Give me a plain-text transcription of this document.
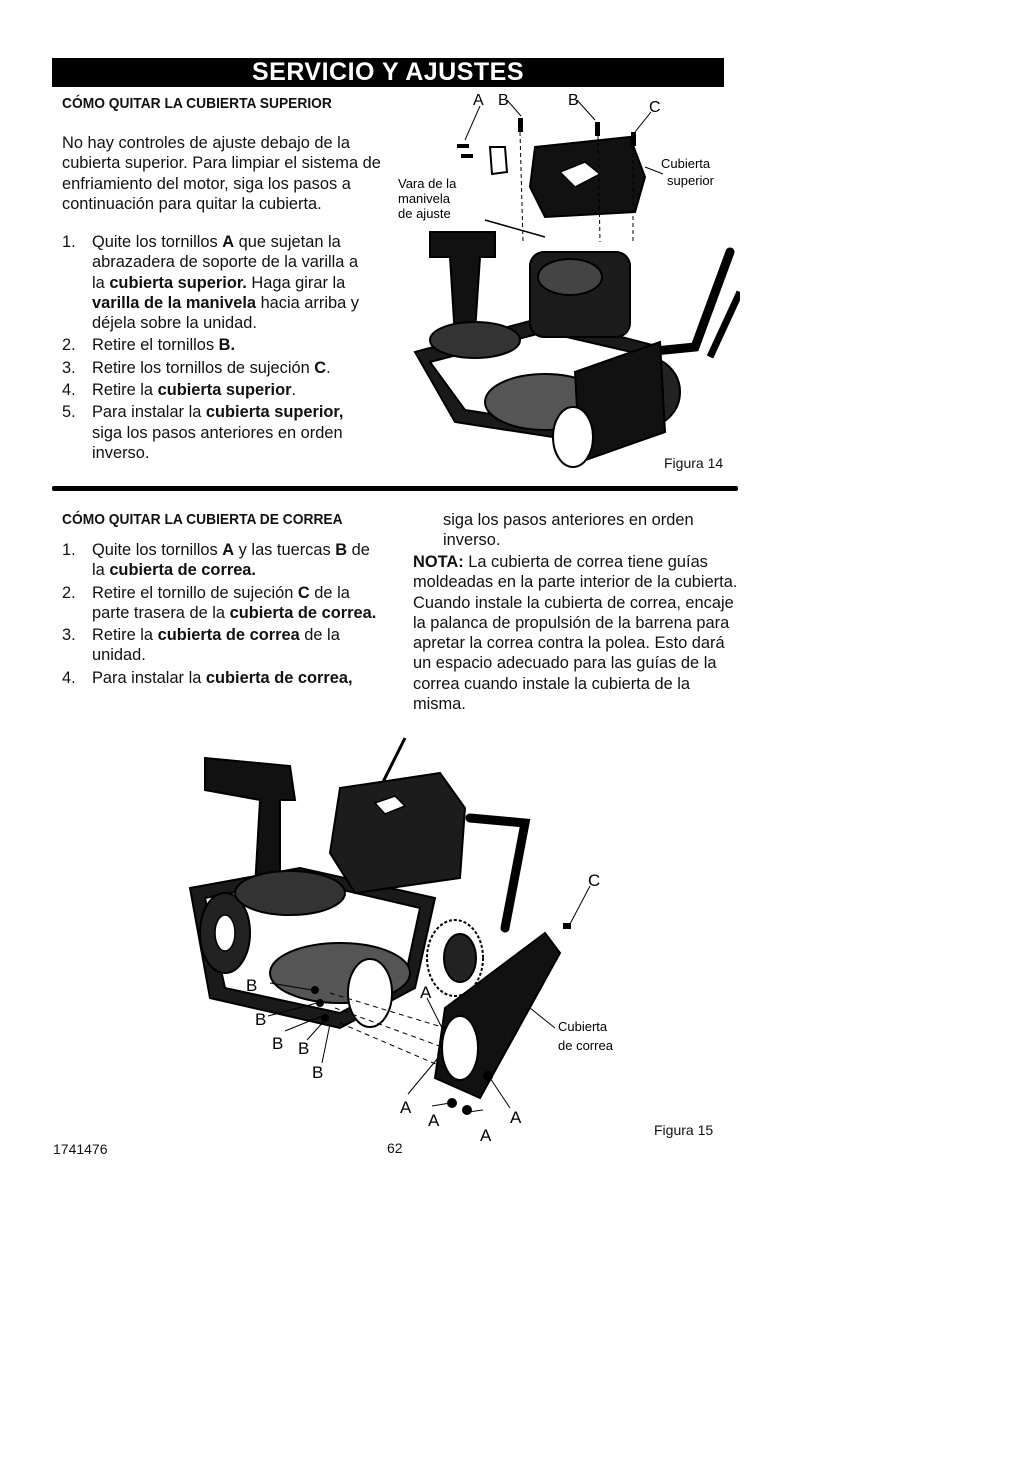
SERVICIO Y AJUSTES
CÓMO QUITAR LA CUBIERTA SUPERIOR

No hay controles de ajuste debajo de la cubierta superior. Para limpiar el sistema de enfriamiento del motor, siga los pasos a continuación para quitar la cubierta.

1. Quite los tornillos A que sujetan la abrazadera de soporte de la varilla a la cubierta superior. Haga girar la varilla de la manivela hacia arriba y déjela sobre la unidad.
2. Retire el tornillos B.
3. Retire los tornillos de sujeción C.
4. Retire la cubierta superior.
5. Para instalar la cubierta superior, siga los pasos anteriores en orden inverso.
A B	B	C
Cubierta
superior
Vara de la
manivela
de ajuste
Figura 14
CÓMO QUITAR LA CUBIERTA DE CORREA
1. Quite los tornillos A y las tuercas B de la cubierta de correa.
2. Retire el tornillo de sujeción C de la parte trasera de la cubierta de correa.
3. Retire la cubierta de correa de la unidad.
4. Para instalar la cubierta de correa,

siga los pasos anteriores en orden inverso.

NOTA: La cubierta de correa tiene guías moldeadas en la parte interior de la cubierta. Cuando instale la cubierta de correa, encaje la palanca de propulsión de la barrena para apretar la correa contra la polea. Esto dará un espacio adecuado para las guías de la correa cuando instale la cubierta de la misma.

C
Cubierta
de correa
B
B
B B
B
A
A
A
A
A
Figura 15
1741476	62
